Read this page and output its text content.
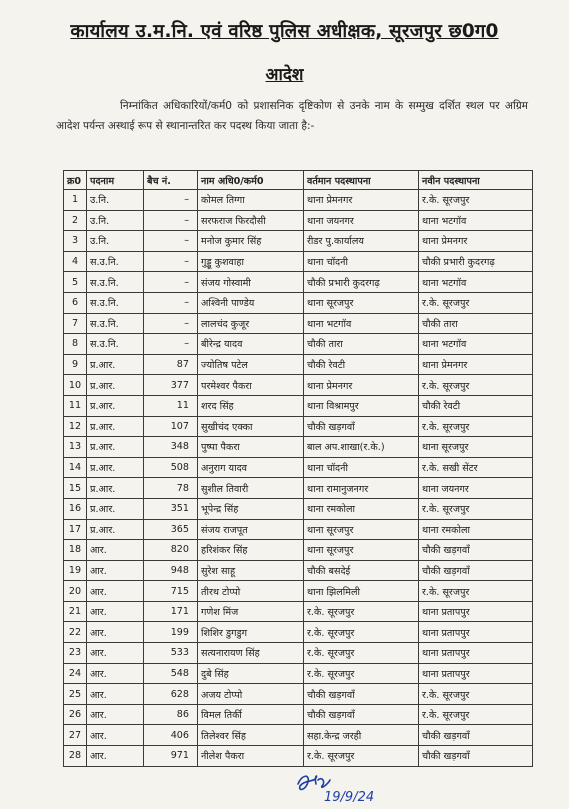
कार्यालय उ.म.नि. एवं वरिष्ठ पुलिस अधीक्षक, सूरजपुर छ0ग0
आदेश
निम्नांकित अधिकारियों/कर्म0 को प्रशासनिक दृष्टिकोण से उनके नाम के सम्मुख दर्शित स्थल पर अग्रिम आदेश पर्यन्त अस्थाई रूप से स्थानान्तरित कर पदस्थ किया जाता है:-
क्र0	पदनाम	बैच नं.	नाम अधि0/कर्म0	वर्तमान पदस्थापना	नवीन पदस्थापना
1	उ.नि.	–	कोमल तिग्गा	थाना प्रेमनगर	र.के. सूरजपुर
2	उ.नि.	–	सरफराज फिरदौसी	थाना जयनगर	थाना भटगॉव
3	उ.नि.	–	मनोज कुमार सिंह	रीडर पु.कार्यालय	थाना प्रेमनगर
4	स.उ.नि.	–	गुड्डू कुशवाहा	थाना चॉदनी	चौकी प्रभारी कुदरगढ़
5	स.उ.नि.	–	संजय गोस्वामी	चौकी प्रभारी कुदरगढ़	थाना भटगॉव
6	स.उ.नि.	–	अश्विनी पाण्डेय	थाना सूरजपुर	र.के. सूरजपुर
7	स.उ.नि.	–	लालचंद कुजूर	थाना भटगॉव	चौकी तारा
8	स.उ.नि.	–	बीरेन्द्र यादव	चौकी तारा	थाना भटगॉव
9	प्र.आर.	87	ज्योतिष पटेल	चौकी रेवटी	थाना प्रेमनगर
10	प्र.आर.	377	परमेश्वर पैकरा	थाना प्रेमनगर	र.के. सूरजपुर
11	प्र.आर.	11	शरद सिंह	थाना विश्रामपुर	चौकी रेवटी
12	प्र.आर.	107	सुखीचंद एक्का	चौकी खड़गवॉं	र.के. सूरजपुर
13	प्र.आर.	348	पुष्पा पैकरा	बाल अप.शाखा(र.के.)	थाना सूरजपुर
14	प्र.आर.	508	अनुराग यादव	थाना चॉदनी	र.के. सखी सेंटर
15	प्र.आर.	78	सुशील तिवारी	थाना रामानुजनगर	थाना जयनगर
16	प्र.आर.	351	भूपेन्द्र सिंह	थाना रमकोला	र.के. सूरजपुर
17	प्र.आर.	365	संजय राजपूत	थाना सूरजपुर	थाना रमकोला
18	आर.	820	हरिशंकर सिंह	थाना सूरजपुर	चौकी खड़गवॉं
19	आर.	948	सुरेश साहू	चौकी बसदेई	चौकी खड़गवॉं
20	आर.	715	तीरथ टोप्पो	थाना झिलमिली	र.के. सूरजपुर
21	आर.	171	गणेश मिंज	र.के. सूरजपुर	थाना प्रतापपुर
22	आर.	199	शिशिर डुगडुग	र.के. सूरजपुर	थाना प्रतापपुर
23	आर.	533	सत्यनारायण सिंह	र.के. सूरजपुर	थाना प्रतापपुर
24	आर.	548	दुबे सिंह	र.के. सूरजपुर	थाना प्रतापपुर
25	आर.	628	अजय टोप्पो	चौकी खड़गवॉं	र.के. सूरजपुर
26	आर.	86	विमल तिर्की	चौकी खड़गवॉं	र.के. सूरजपुर
27	आर.	406	तिलेश्वर सिंह	सहा.केन्द्र जरही	चौकी खड़गवॉं
28	आर.	971	नीलेश पैकरा	र.के. सूरजपुर	चौकी खड़गवॉं
19/9/24
